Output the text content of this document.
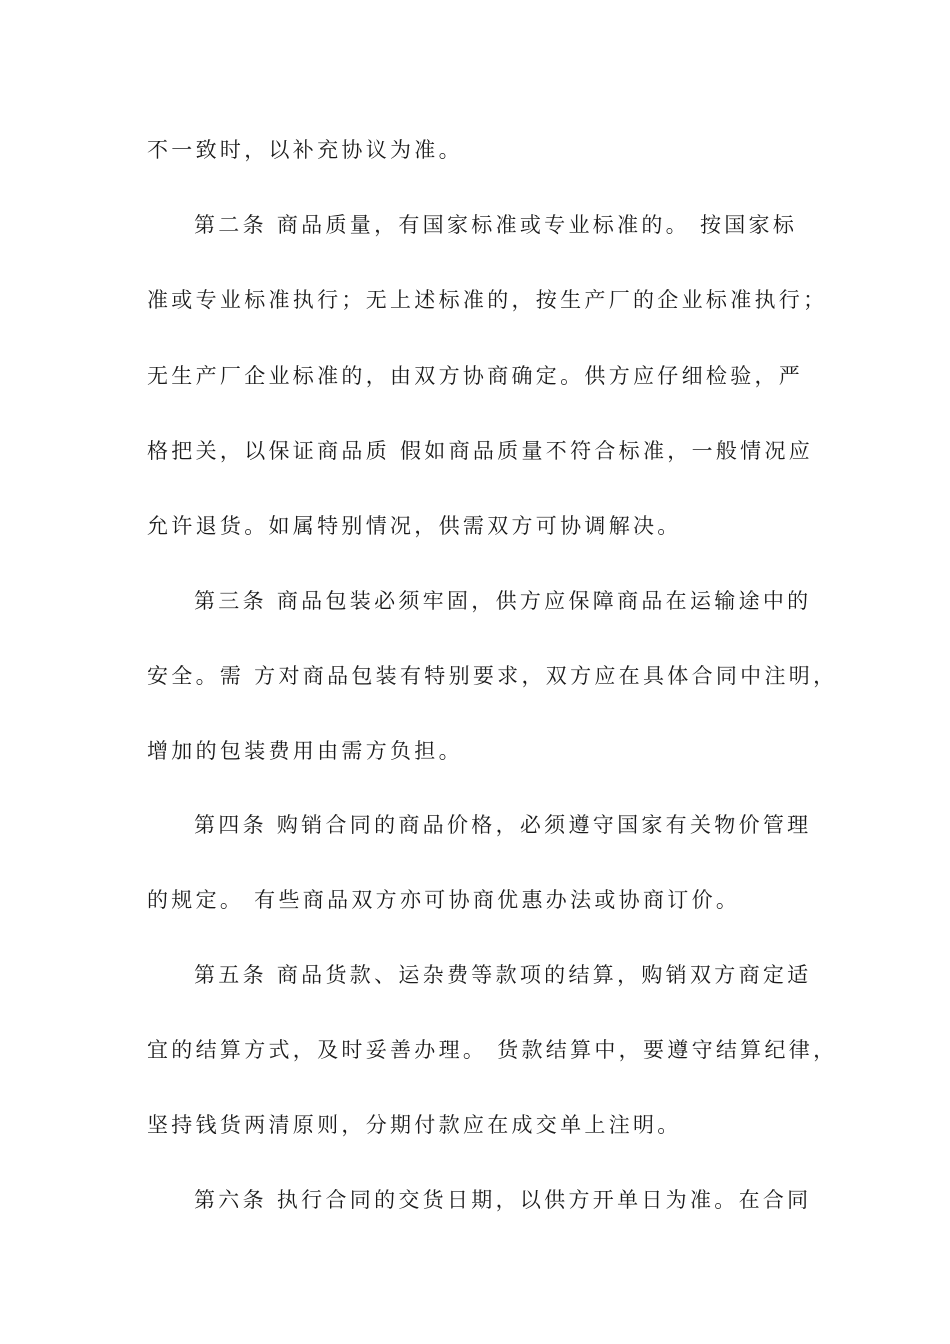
不一致时，以补充协议为准。
第二条 商品质量，有国家标准或专业标准的。 按国家标
准或专业标准执行；无上述标准的，按生产厂的企业标准执行；
无生产厂企业标准的，由双方协商确定。供方应仔细检验，严
格把关，以保证商品质 假如商品质量不符合标准，一般情况应
允许退货。如属特别情况，供需双方可协调解决。
第三条 商品包装必须牢固，供方应保障商品在运输途中的
安全。需 方对商品包装有特别要求，双方应在具体合同中注明，
增加的包装费用由需方负担。
第四条 购销合同的商品价格，必须遵守国家有关物价管理
的规定。 有些商品双方亦可协商优惠办法或协商订价。
第五条 商品货款、运杂费等款项的结算，购销双方商定适
宜的结算方式，及时妥善办理。 货款结算中，要遵守结算纪律，
坚持钱货两清原则，分期付款应在成交单上注明。
第六条 执行合同的交货日期，以供方开单日为准。在合同
